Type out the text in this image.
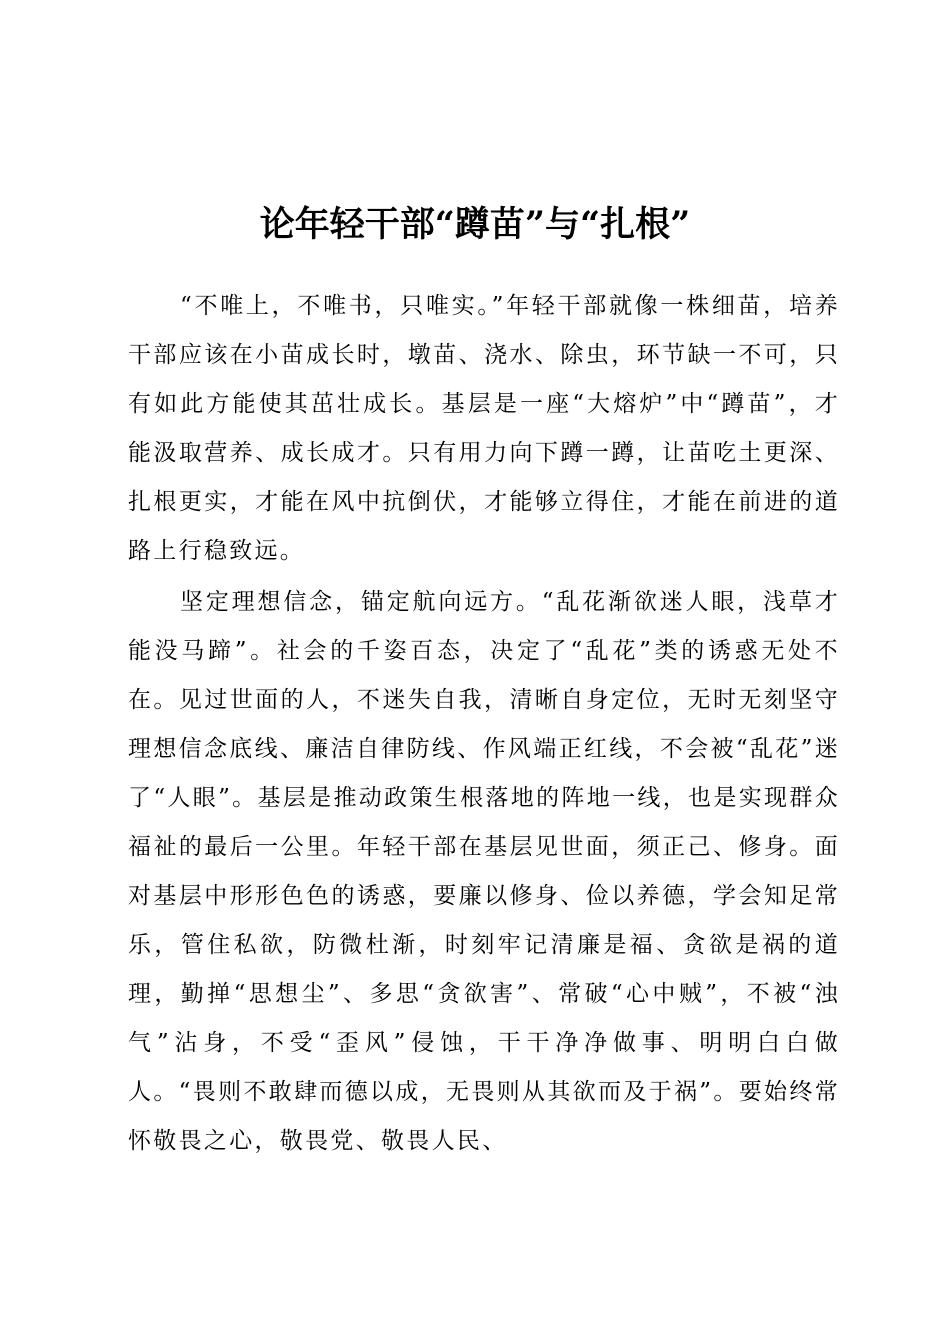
论年轻干部“蹲苗”与“扎根”

“不唯上，不唯书，只唯实。”年轻干部就像一株细苗，培养干部应该在小苗成长时，墩苗、浇水、除虫，环节缺一不可，只有如此方能使其茁壮成长。基层是一座“大熔炉”中“蹲苗”，才能汲取营养、成长成才。只有用力向下蹲一蹲，让苗吃土更深、扎根更实，才能在风中抗倒伏，才能够立得住，才能在前进的道路上行稳致远。

坚定理想信念，锚定航向远方。“乱花渐欲迷人眼，浅草才能没马蹄”。社会的千姿百态，决定了“乱花”类的诱惑无处不在。见过世面的人，不迷失自我，清晰自身定位，无时无刻坚守理想信念底线、廉洁自律防线、作风端正红线，不会被“乱花”迷了“人眼”。基层是推动政策生根落地的阵地一线，也是实现群众福祉的最后一公里。年轻干部在基层见世面，须正己、修身。面对基层中形形色色的诱惑，要廉以修身、俭以养德，学会知足常乐，管住私欲，防微杜渐，时刻牢记清廉是福、贪欲是祸的道理，勤掸“思想尘”、多思“贪欲害”、常破“心中贼”，不被“浊气”沾身，不受“歪风”侵蚀，干干净净做事、明明白白做人。“畏则不敢肆而德以成，无畏则从其欲而及于祸”。要始终常怀敬畏之心，敬畏党、敬畏人民、
